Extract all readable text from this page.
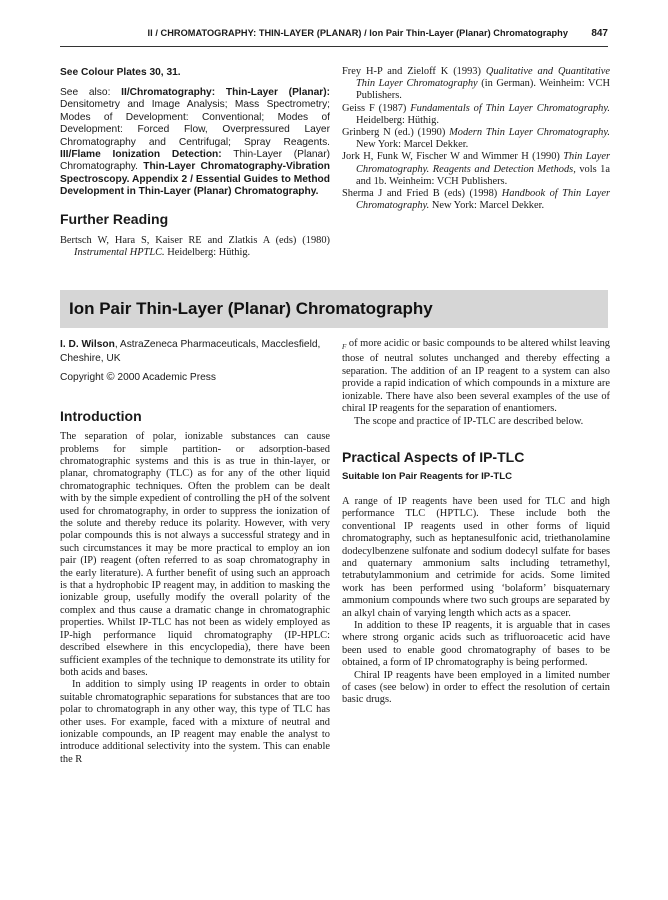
II / CHROMATOGRAPHY: THIN-LAYER (PLANAR) / Ion Pair Thin-Layer (Planar) Chromatography 847

See Colour Plates 30, 31.

See also: II/Chromatography: Thin-Layer (Planar): Densitometry and Image Analysis; Mass Spectrometry; Modes of Development: Conventional; Modes of Development: Forced Flow, Overpressured Layer Chromatography and Centrifugal; Spray Reagents. III/Flame Ionization Detection: Thin-Layer (Planar) Chromatography. Thin-Layer Chromatography-Vibration Spectroscopy. Appendix 2 / Essential Guides to Method Development in Thin-Layer (Planar) Chromatography.

Further Reading

Bertsch W, Hara S, Kaiser RE and Zlatkis A (eds) (1980) Instrumental HPTLC. Heidelberg: Hüthig.

Frey H-P and Zieloff K (1993) Qualitative and Quantitative Thin Layer Chromatography (in German). Weinheim: VCH Publishers.

Geiss F (1987) Fundamentals of Thin Layer Chromatography. Heidelberg: Hüthig.

Grinberg N (ed.) (1990) Modern Thin Layer Chromatography. New York: Marcel Dekker.

Jork H, Funk W, Fischer W and Wimmer H (1990) Thin Layer Chromatography. Reagents and Detection Methods, vols 1a and 1b. Weinheim: VCH Publishers.

Sherma J and Fried B (eds) (1998) Handbook of Thin Layer Chromatography. New York: Marcel Dekker.

Ion Pair Thin-Layer (Planar) Chromatography

I. D. Wilson, AstraZeneca Pharmaceuticals, Macclesfield, Cheshire, UK

Copyright © 2000 Academic Press

Introduction

The separation of polar, ionizable substances can cause problems for simple partition- or adsorption-based chromatographic systems and this is as true in thin-layer, or planar, chromatography (TLC) as for any of the other liquid chromatographic techniques. Often the problem can be dealt with by the simple expedient of controlling the pH of the solvent used for chromatography, in order to suppress the ionization of the solute and thereby reduce its polarity. However, with very polar compounds this is not always a successful strategy and in such circumstances it may be more practical to employ an ion pair (IP) reagent (often referred to as soap chromatography in the early literature). A further benefit of using such an approach is that a hydrophobic IP reagent may, in addition to masking the ionizable group, usefully modify the overall polarity of the complex and thus cause a dramatic change in chromatographic properties. Whilst IP-TLC has not been as widely employed as IP-high performance liquid chromatography (IP-HPLC: described elsewhere in this encyclopedia), there have been sufficient examples of the technique to demonstrate its utility for both acids and bases.

In addition to simply using IP reagents in order to obtain suitable chromatographic separations for substances that are too polar to chromatograph in any other way, this type of TLC has other uses. For example, faced with a mixture of neutral and ionizable compounds, an IP reagent may enable the analyst to introduce additional selectivity into the system. This can enable the R

$_F$ of more acidic or basic compounds to be altered whilst leaving those of neutral solutes unchanged and thereby effecting a separation. The addition of an IP reagent to a system can also provide a rapid indication of which compounds in a mixture are ionizable. There have also been several examples of the use of chiral IP reagents for the separation of enantiomers.

The scope and practice of IP-TLC are described below.

Practical Aspects of IP-TLC
Suitable Ion Pair Reagents for IP-TLC

A range of IP reagents have been used for TLC and high performance TLC (HPTLC). These include both the conventional IP reagents used in other forms of liquid chromatography, such as heptanesulfonic acid, triethanolamine dodecylbenzene sulfonate and sodium dodecyl sulfate for bases and quaternary ammonium salts including tetramethyl, tetrabutylammonium and cetrimide for acids. Some limited work has been performed using ‘bolaform’ bisquaternary ammonium compounds where two such groups are separated by an alkyl chain of varying length which acts as a spacer.

In addition to these IP reagents, it is arguable that in cases where strong organic acids such as trifluoroacetic acid have been used to enable good chromatography of bases to be obtained, a form of IP chromatography is being performed.

Chiral IP reagents have been employed in a limited number of cases (see below) in order to effect the resolution of certain basic drugs.
